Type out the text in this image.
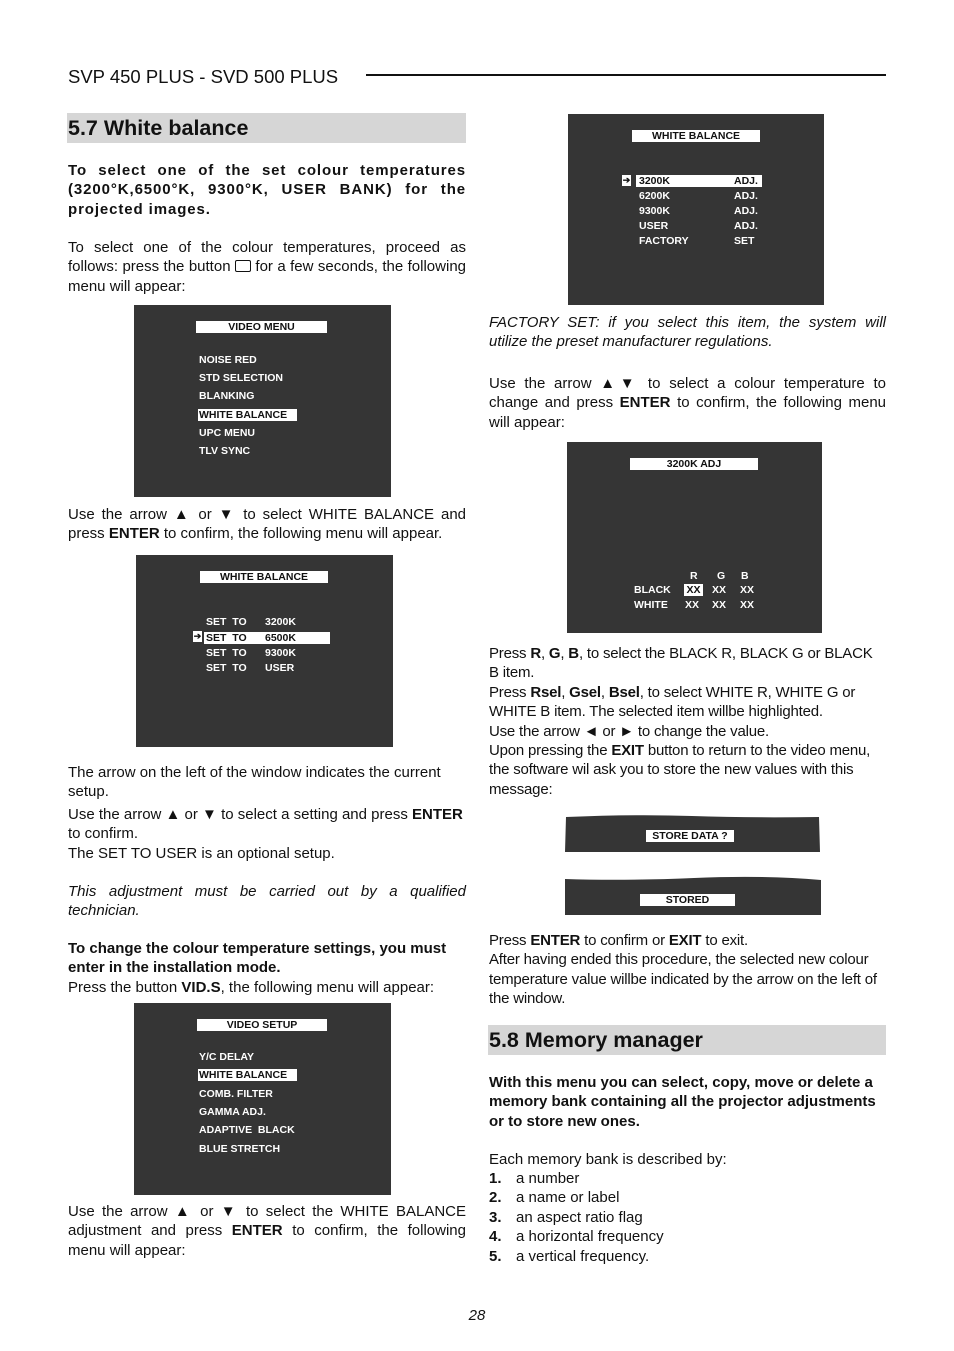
SVP 450 PLUS - SVD 500 PLUS
5.7 White balance

To select one of the set colour temperatures (3200°K,6500°K, 9300°K, USER BANK) for the projected images.

To select one of the colour temperatures, proceed as follows: press the button for a few seconds, the following menu will appear:

VIDEO MENU
NOISE RED
STD SELECTION
BLANKING
WHITE BALANCE
UPC MENU
TLV SYNC

Use the arrow ▲ or ▼ to select WHITE BALANCE and press ENTER to confirm, the following menu will appear.

WHITE BALANCE
SET  TO 3200K
➔ SET  TO 6500K
SET  TO 9300K
SET  TO USER

The arrow on the left of the window indicates the current setup.

Use the arrow ▲ or ▼ to select a setting and press ENTER to confirm.
The SET TO USER is an optional setup.

This adjustment must be carried out by a qualified technician.

To change the colour temperature settings, you must enter in the installation mode.

Press the button VID.S, the following menu will appear:

VIDEO SETUP
Y/C DELAY
WHITE BALANCE
COMB. FILTER
GAMMA ADJ.
ADAPTIVE  BLACK
BLUE STRETCH

Use the arrow ▲ or ▼ to select the WHITE BALANCE adjustment and press ENTER to confirm, the following menu will appear:

WHITE BALANCE
➔ 3200K	ADJ.
6200K	ADJ.
9300K	ADJ.
USER	ADJ.
FACTORY	SET

FACTORY SET: if you select this item, the system will utilize the preset manufacturer regulations.

Use the arrow ▲▼ to select a colour temperature to change and press ENTER to confirm, the following menu will appear:

3200K ADJ
R G B
BLACK XX XX XX
WHITE XX XX XX

Press R, G, B, to select the BLACK R, BLACK G or BLACK B item.
Press Rsel, Gsel, Bsel, to select WHITE R, WHITE G or WHITE B item. The selected item willbe highlighted.
Use the arrow ◄ or ► to change the value.
Upon pressing the EXIT button to return to the video menu, the software wil ask you to store the new values with this message:

STORE DATA ?
STORED

Press ENTER to confirm or EXIT to exit.
After having ended this procedure, the selected new colour temperature value willbe indicated by the arrow on the left of the window.

5.8 Memory manager

With this menu you can select, copy, move or delete a memory bank containing all the projector adjustments or to store new ones.

Each memory bank is described by:

1. a number
2. a name or label
3. an aspect ratio flag
4. a horizontal frequency
5. a vertical frequency.
28
